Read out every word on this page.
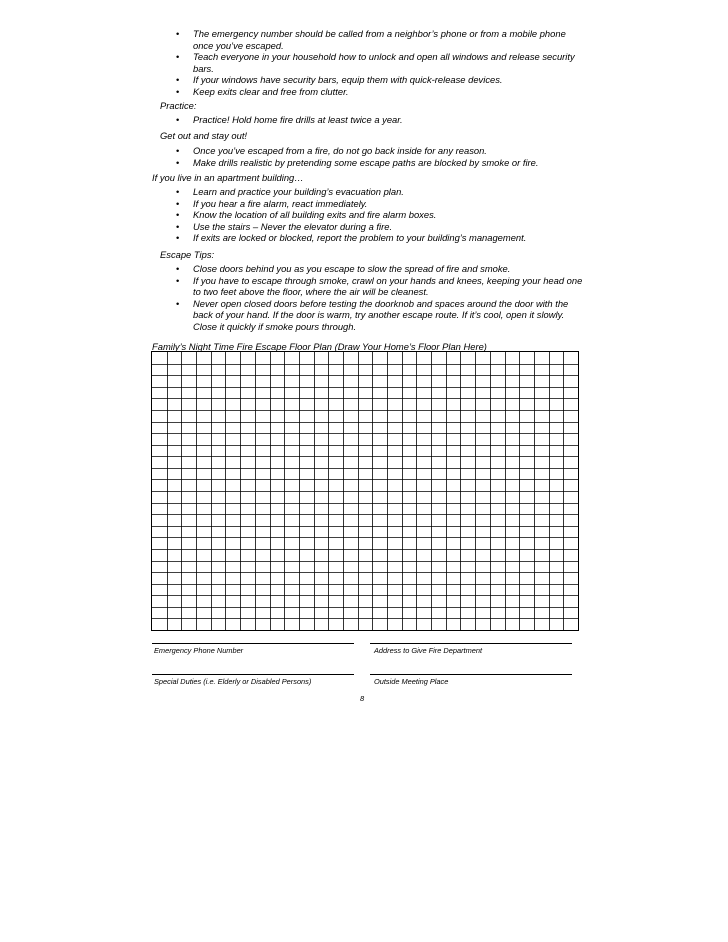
• The emergency number should be called from a neighbor’s phone or from a mobile phone once you’ve escaped.
• Teach everyone in your household how to unlock and open all windows and release security bars.
• If your windows have security bars, equip them with quick-release devices.
• Keep exits clear and free from clutter.
Practice:
• Practice! Hold home fire drills at least twice a year.
Get out and stay out!
• Once you’ve escaped from a fire, do not go back inside for any reason.
• Make drills realistic by pretending some escape paths are blocked by smoke or fire.
If you live in an apartment building…
• Learn and practice your building’s evacuation plan.
• If you hear a fire alarm, react immediately.
• Know the location of all building exits and fire alarm boxes.
• Use the stairs – Never the elevator during a fire.
• If exits are locked or blocked, report the problem to your building’s management.
Escape Tips:
• Close doors behind you as you escape to slow the spread of fire and smoke.
• If you have to escape through smoke, crawl on your hands and knees, keeping your head one to two feet above the floor, where the air will be cleanest.
• Never open closed doors before testing the doorknob and spaces around the door with the back of your hand. If the door is warm, try another escape route. If it’s cool, open it slowly. Close it quickly if smoke pours through.
Family’s Night Time Fire Escape Floor Plan (Draw Your Home’s Floor Plan Here)
Emergency Phone Number	Address to Give Fire Department
Special Duties (i.e. Elderly or Disabled Persons)	Outside Meeting Place
8
